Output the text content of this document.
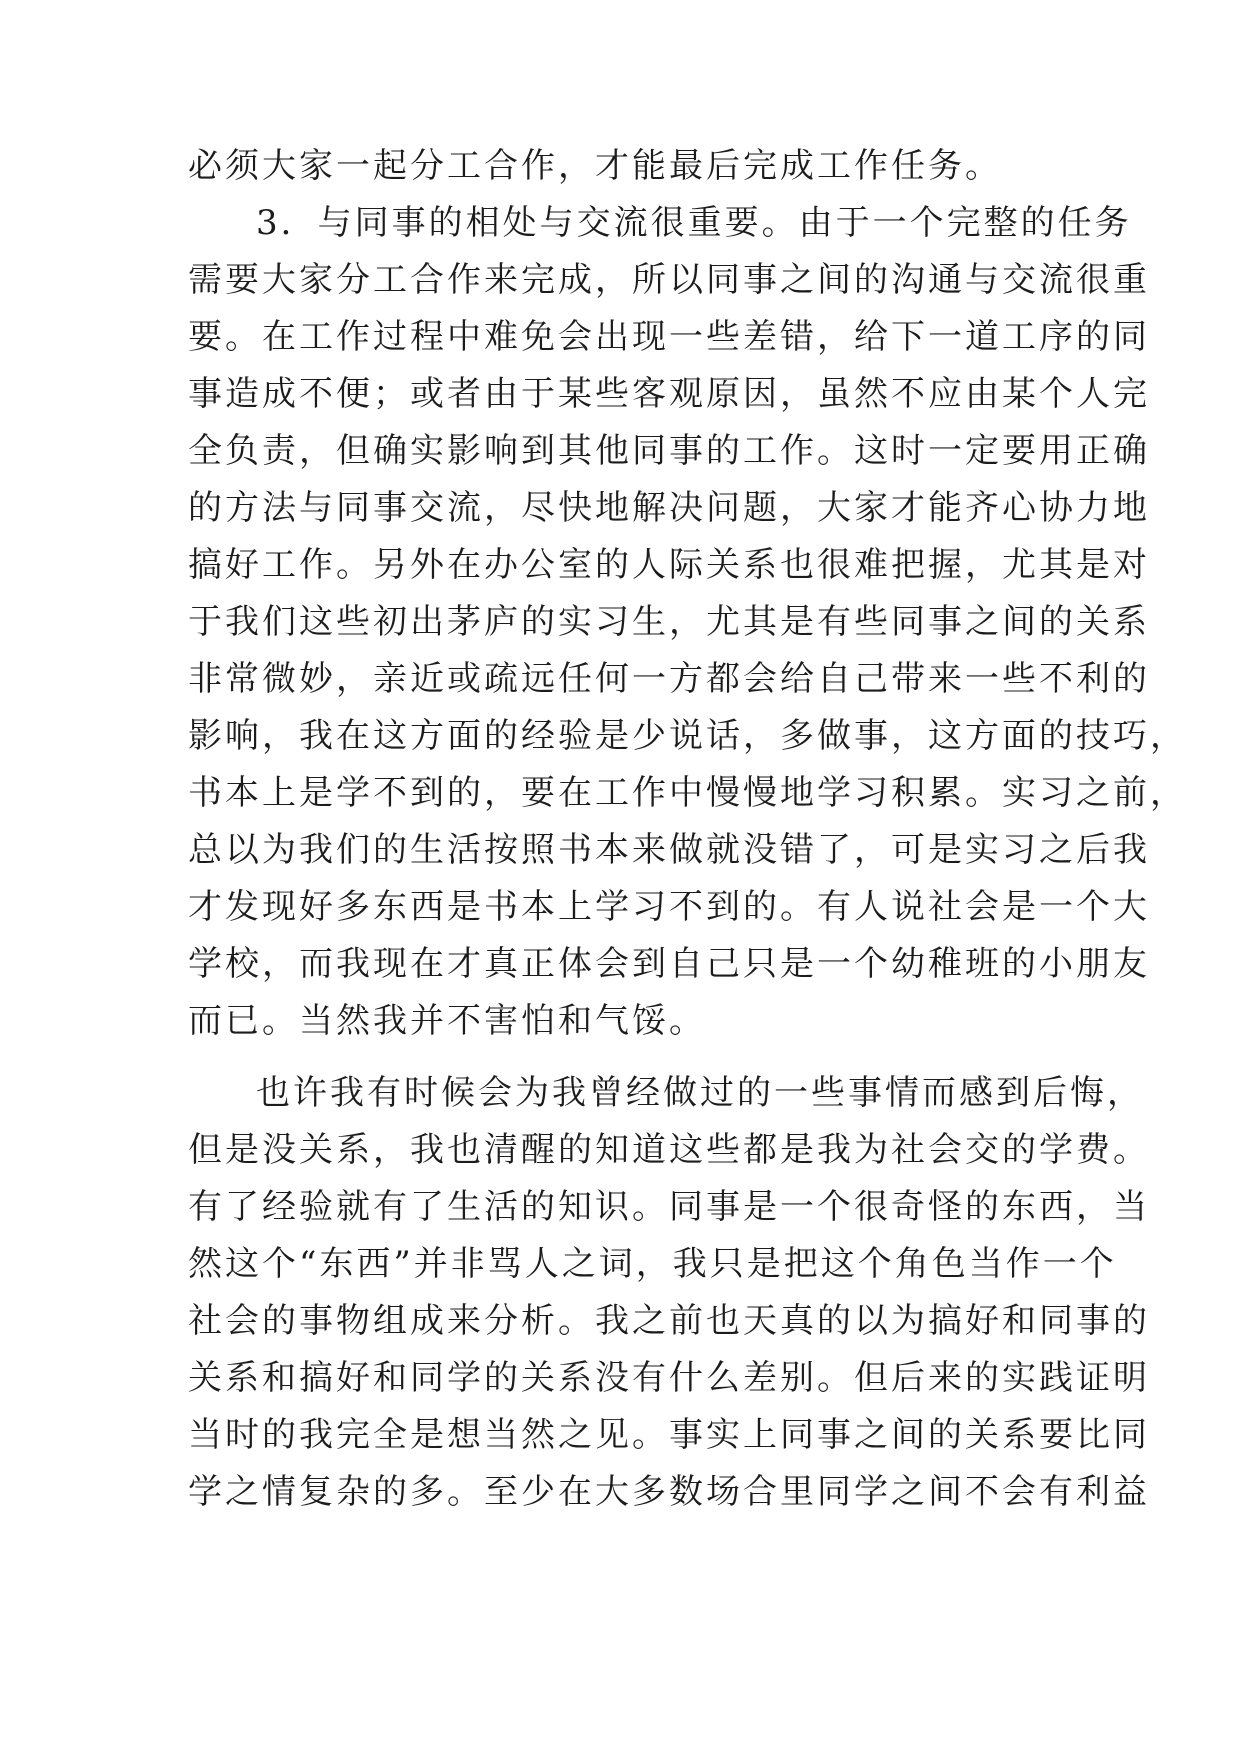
必须大家一起分工合作，才能最后完成工作任务。

3．与同事的相处与交流很重要。由于一个完整的任务

需要大家分工合作来完成，所以同事之间的沟通与交流很重

要。在工作过程中难免会出现一些差错，给下一道工序的同

事造成不便；或者由于某些客观原因，虽然不应由某个人完

全负责，但确实影响到其他同事的工作。这时一定要用正确

的方法与同事交流，尽快地解决问题，大家才能齐心协力地

搞好工作。另外在办公室的人际关系也很难把握，尤其是对

于我们这些初出茅庐的实习生，尤其是有些同事之间的关系

非常微妙，亲近或疏远任何一方都会给自己带来一些不利的

影响，我在这方面的经验是少说话，多做事，这方面的技巧，

书本上是学不到的，要在工作中慢慢地学习积累。实习之前，

总以为我们的生活按照书本来做就没错了，可是实习之后我

才发现好多东西是书本上学习不到的。有人说社会是一个大

学校，而我现在才真正体会到自己只是一个幼稚班的小朋友

而已。当然我并不害怕和气馁。

也许我有时候会为我曾经做过的一些事情而感到后悔，

但是没关系，我也清醒的知道这些都是我为社会交的学费。

有了经验就有了生活的知识。同事是一个很奇怪的东西，当

然这个“东西”并非骂人之词，我只是把这个角色当作一个

社会的事物组成来分析。我之前也天真的以为搞好和同事的

关系和搞好和同学的关系没有什么差别。但后来的实践证明

当时的我完全是想当然之见。事实上同事之间的关系要比同

学之情复杂的多。至少在大多数场合里同学之间不会有利益
